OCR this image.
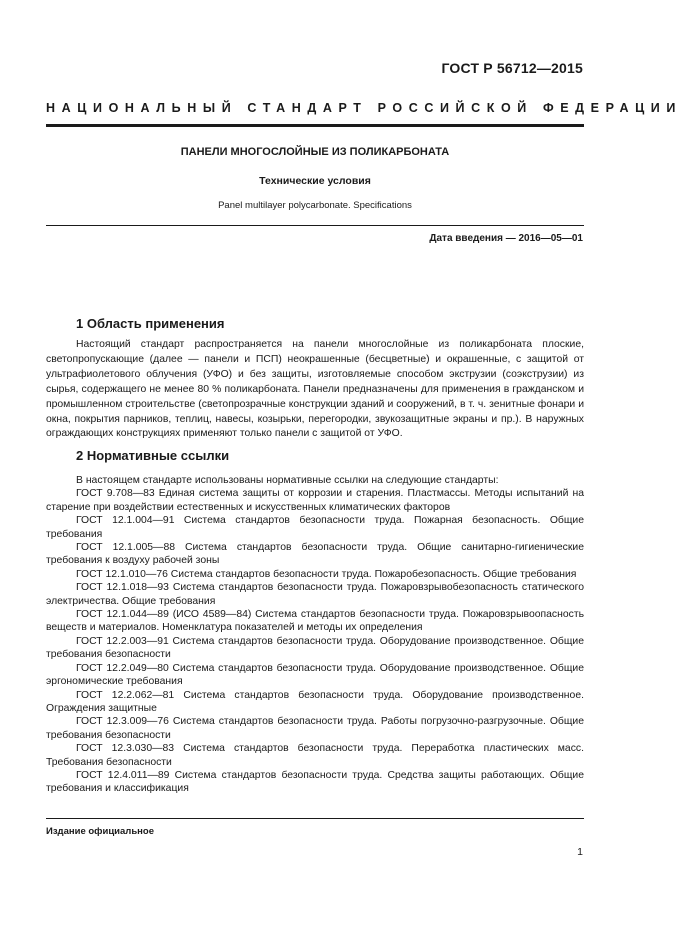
ГОСТ Р 56712—2015
НАЦИОНАЛЬНЫЙ СТАНДАРТ РОССИЙСКОЙ ФЕДЕРАЦИИ
ПАНЕЛИ МНОГОСЛОЙНЫЕ ИЗ ПОЛИКАРБОНАТА
Технические условия
Panel multilayer polycarbonate. Specifications
Дата введения — 2016—05—01
1 Область применения

Настоящий стандарт распространяется на панели многослойные из поликарбоната плоские, светопропускающие (далее — панели и ПСП) неокрашенные (бесцветные) и окрашенные, с защитой от ультрафиолетового облучения (УФО) и без защиты, изготовляемые способом экструзии (соэкструзии) из сырья, содержащего не менее 80 % поликарбоната. Панели предназначены для применения в гражданском и промышленном строительстве (светопрозрачные конструкции зданий и сооружений, в т. ч. зенитные фонари и окна, покрытия парников, теплиц, навесы, козырьки, перегородки, звукозащитные экраны и пр.). В наружных ограждающих конструкциях применяют только панели с защитой от УФО.

2 Нормативные ссылки
В настоящем стандарте использованы нормативные ссылки на следующие стандарты:
ГОСТ 9.708—83 Единая система защиты от коррозии и старения. Пластмассы. Методы испытаний на старение при воздействии естественных и искусственных климатических факторов
ГОСТ 12.1.004—91 Система стандартов безопасности труда. Пожарная безопасность. Общие требования
ГОСТ 12.1.005—88 Система стандартов безопасности труда. Общие санитарно-гигиенические требования к воздуху рабочей зоны
ГОСТ 12.1.010—76 Система стандартов безопасности труда. Пожаробезопасность. Общие требования
ГОСТ 12.1.018—93 Система стандартов безопасности труда. Пожаровзрывобезопасность статического электричества. Общие требования
ГОСТ 12.1.044—89 (ИСО 4589—84) Система стандартов безопасности труда. Пожаровзрывоопасность веществ и материалов. Номенклатура показателей и методы их определения
ГОСТ 12.2.003—91 Система стандартов безопасности труда. Оборудование производственное. Общие требования безопасности
ГОСТ 12.2.049—80 Система стандартов безопасности труда. Оборудование производственное. Общие эргономические требования
ГОСТ 12.2.062—81 Система стандартов безопасности труда. Оборудование производственное. Ограждения защитные
ГОСТ 12.3.009—76 Система стандартов безопасности труда. Работы погрузочно-разгрузочные. Общие требования безопасности
ГОСТ 12.3.030—83 Система стандартов безопасности труда. Переработка пластических масс. Требования безопасности
ГОСТ 12.4.011—89 Система стандартов безопасности труда. Средства защиты работающих. Общие требования и классификация
Издание официальное
1
